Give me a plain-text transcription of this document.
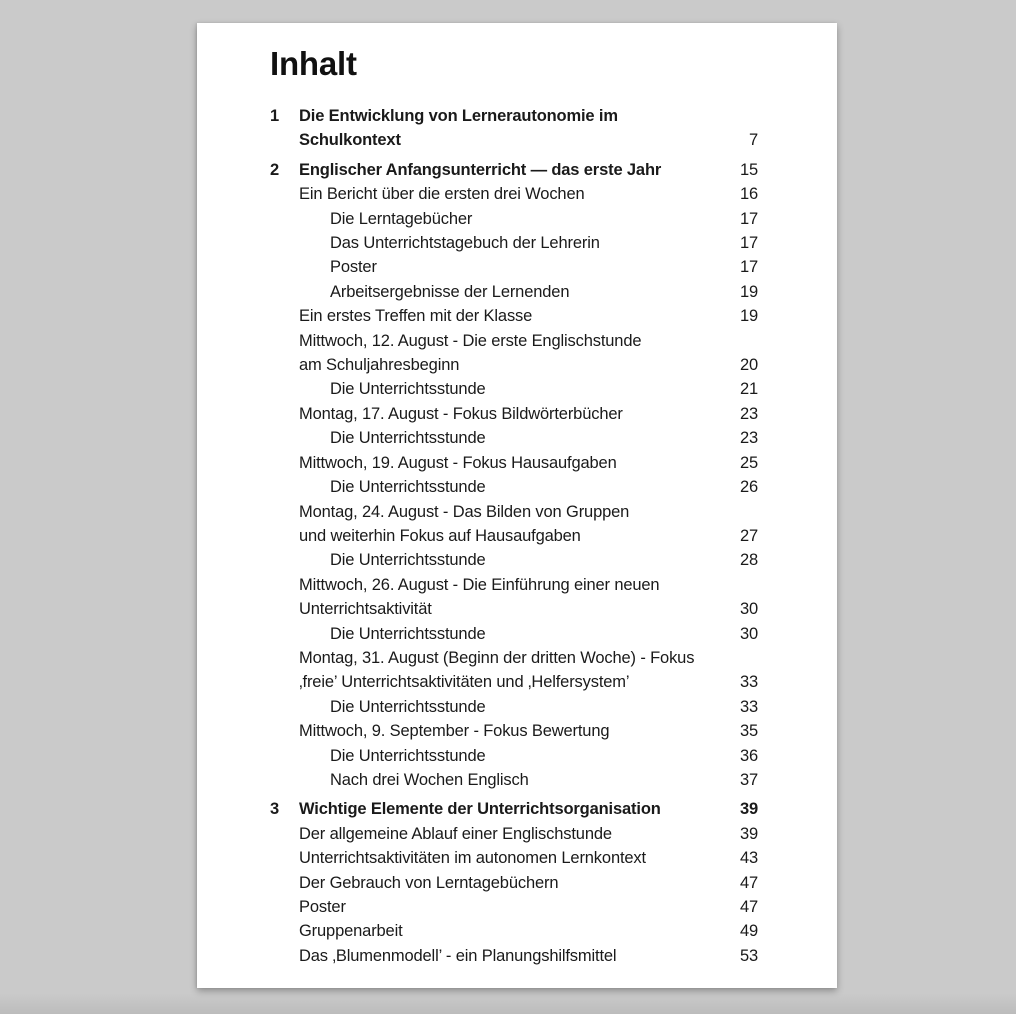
Inhalt
1 Die Entwicklung von Lernerautonomie im
Schulkontext	7
2 Englischer Anfangsunterricht — das erste Jahr	15
Ein Bericht über die ersten drei Wochen	16
Die Lerntagebücher	17
Das Unterrichtstagebuch der Lehrerin	17
Poster	17
Arbeitsergebnisse der Lernenden	19
Ein erstes Treffen mit der Klasse	19
Mittwoch, 12. August - Die erste Englischstunde
am Schuljahresbeginn	20
Die Unterrichtsstunde	21
Montag, 17. August - Fokus Bildwörterbücher	23
Die Unterrichtsstunde	23
Mittwoch, 19. August - Fokus Hausaufgaben	25
Die Unterrichtsstunde	26
Montag, 24. August - Das Bilden von Gruppen
und weiterhin Fokus auf Hausaufgaben	27
Die Unterrichtsstunde	28
Mittwoch, 26. August - Die Einführung einer neuen
Unterrichtsaktivität	30
Die Unterrichtsstunde	30
Montag, 31. August (Beginn der dritten Woche) - Fokus
‚freie’ Unterrichtsaktivitäten und ‚Helfersystem’	33
Die Unterrichtsstunde	33
Mittwoch, 9. September - Fokus Bewertung	35
Die Unterrichtsstunde	36
Nach drei Wochen Englisch	37
3 Wichtige Elemente der Unterrichtsorganisation	39
Der allgemeine Ablauf einer Englischstunde	39
Unterrichtsaktivitäten im autonomen Lernkontext	43
Der Gebrauch von Lerntagebüchern	47
Poster	47
Gruppenarbeit	49
Das ‚Blumenmodell’ - ein Planungshilfsmittel	53
